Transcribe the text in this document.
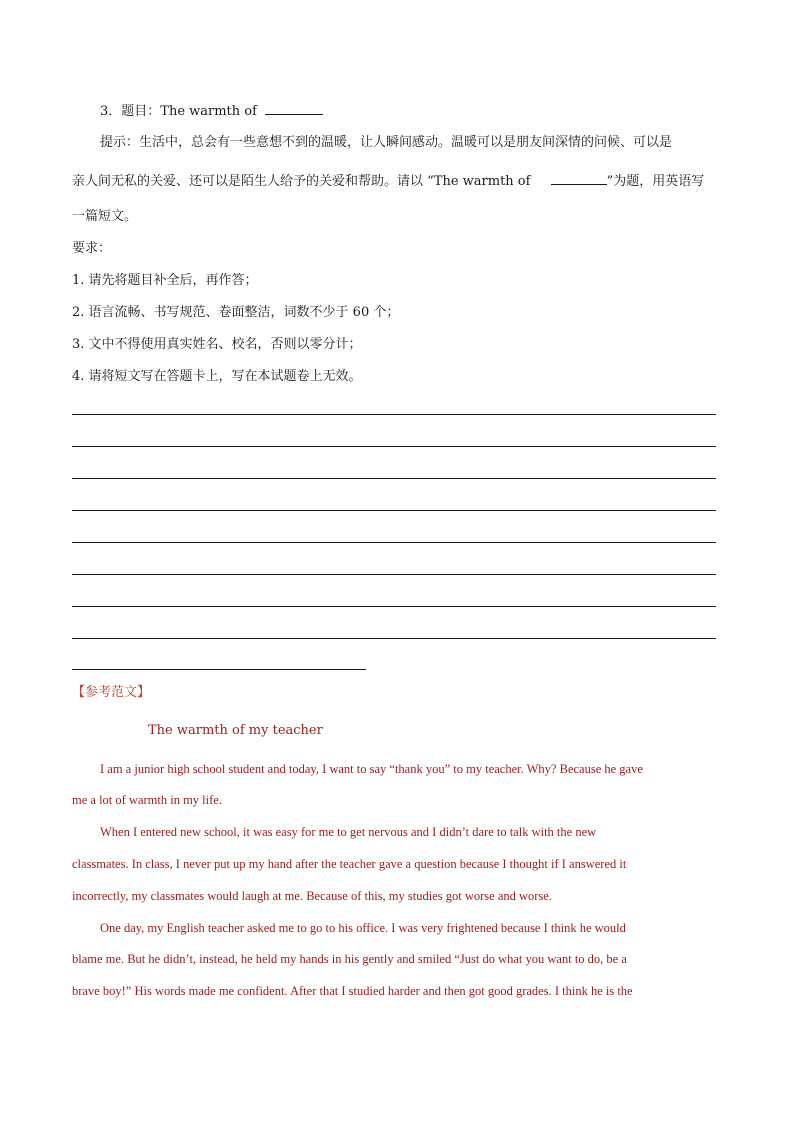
3．题目：The warmth of
提示：生活中，总会有一些意想不到的温暖，让人瞬间感动。温暖可以是朋友间深情的问候、可以是
亲人间无私的关爱、还可以是陌生人给予的关爱和帮助。请以 “The warmth of	”为题，用英语写
一篇短文。
要求：
1. 请先将题目补全后，再作答；
2. 语言流畅、书写规范、卷面整洁，词数不少于 60 个；
3. 文中不得使用真实姓名、校名，否则以零分计；
4. 请将短文写在答题卡上，写在本试题卷上无效。
【参考范文】
The warmth of my teacher
I am a junior high school student and today, I want to say “thank you” to my teacher. Why? Because he gave
me a lot of warmth in my life.
When I entered new school, it was easy for me to get nervous and I didn’t dare to talk with the new
classmates. In class, I never put up my hand after the teacher gave a question because I thought if I answered it
incorrectly, my classmates would laugh at me. Because of this, my studies got worse and worse.
One day, my English teacher asked me to go to his office. I was very frightened because I think he would
blame me. But he didn’t, instead, he held my hands in his gently and smiled “Just do what you want to do, be a
brave boy!” His words made me confident. After that I studied harder and then got good grades. I think he is the
